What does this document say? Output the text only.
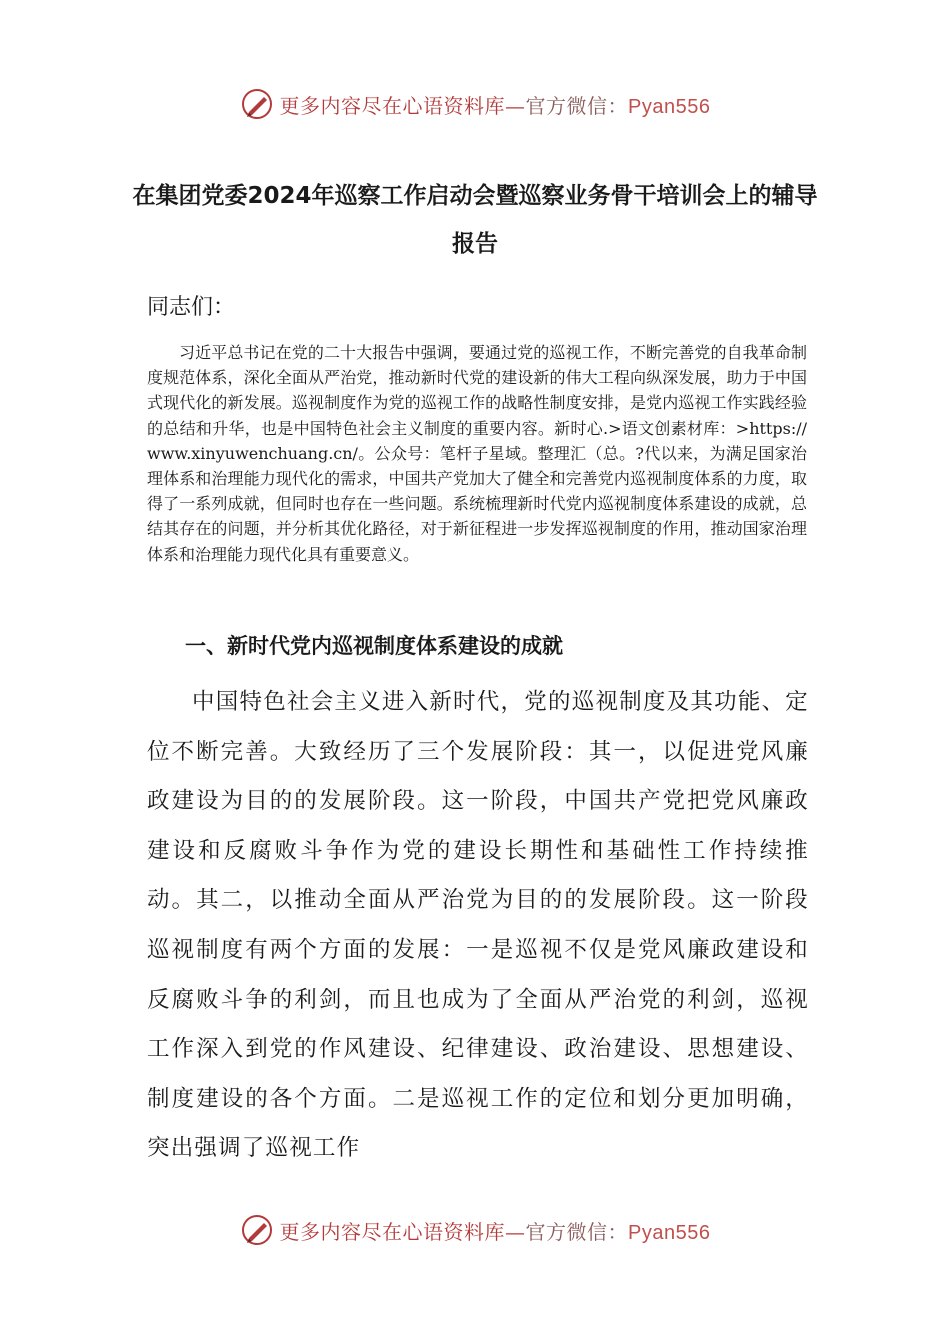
更多内容尽在心语资料库—官方微信：Pyan556
在集团党委2024年巡察工作启动会暨巡察业务骨干培训会上的辅导报告
同志们：
习近平总书记在党的二十大报告中强调，要通过党的巡视工作，不断完善党的自我革命制度规范体系，深化全面从严治党，推动新时代党的建设新的伟大工程向纵深发展，助力于中国式现代化的新发展。巡视制度作为党的巡视工作的战略性制度安排，是党内巡视工作实践经验的总结和升华，也是中国特色社会主义制度的重要内容。新时心.>语文创素材库：>https://www.xinyuwenchuang.cn/。公众号：笔杆子星域。整理汇（总。?代以来，为满足国家治理体系和治理能力现代化的需求，中国共产党加大了健全和完善党内巡视制度体系的力度，取得了一系列成就，但同时也存在一些问题。系统梳理新时代党内巡视制度体系建设的成就，总结其存在的问题，并分析其优化路径，对于新征程进一步发挥巡视制度的作用，推动国家治理体系和治理能力现代化具有重要意义。
一、新时代党内巡视制度体系建设的成就
中国特色社会主义进入新时代，党的巡视制度及其功能、定位不断完善。大致经历了三个发展阶段：其一，以促进党风廉政建设为目的的发展阶段。这一阶段，中国共产党把党风廉政建设和反腐败斗争作为党的建设长期性和基础性工作持续推动。其二，以推动全面从严治党为目的的发展阶段。这一阶段巡视制度有两个方面的发展：一是巡视不仅是党风廉政建设和反腐败斗争的利剑，而且也成为了全面从严治党的利剑，巡视工作深入到党的作风建设、纪律建设、政治建设、思想建设、制度建设的各个方面。二是巡视工作的定位和划分更加明确，突出强调了巡视工作
更多内容尽在心语资料库—官方微信：Pyan556
